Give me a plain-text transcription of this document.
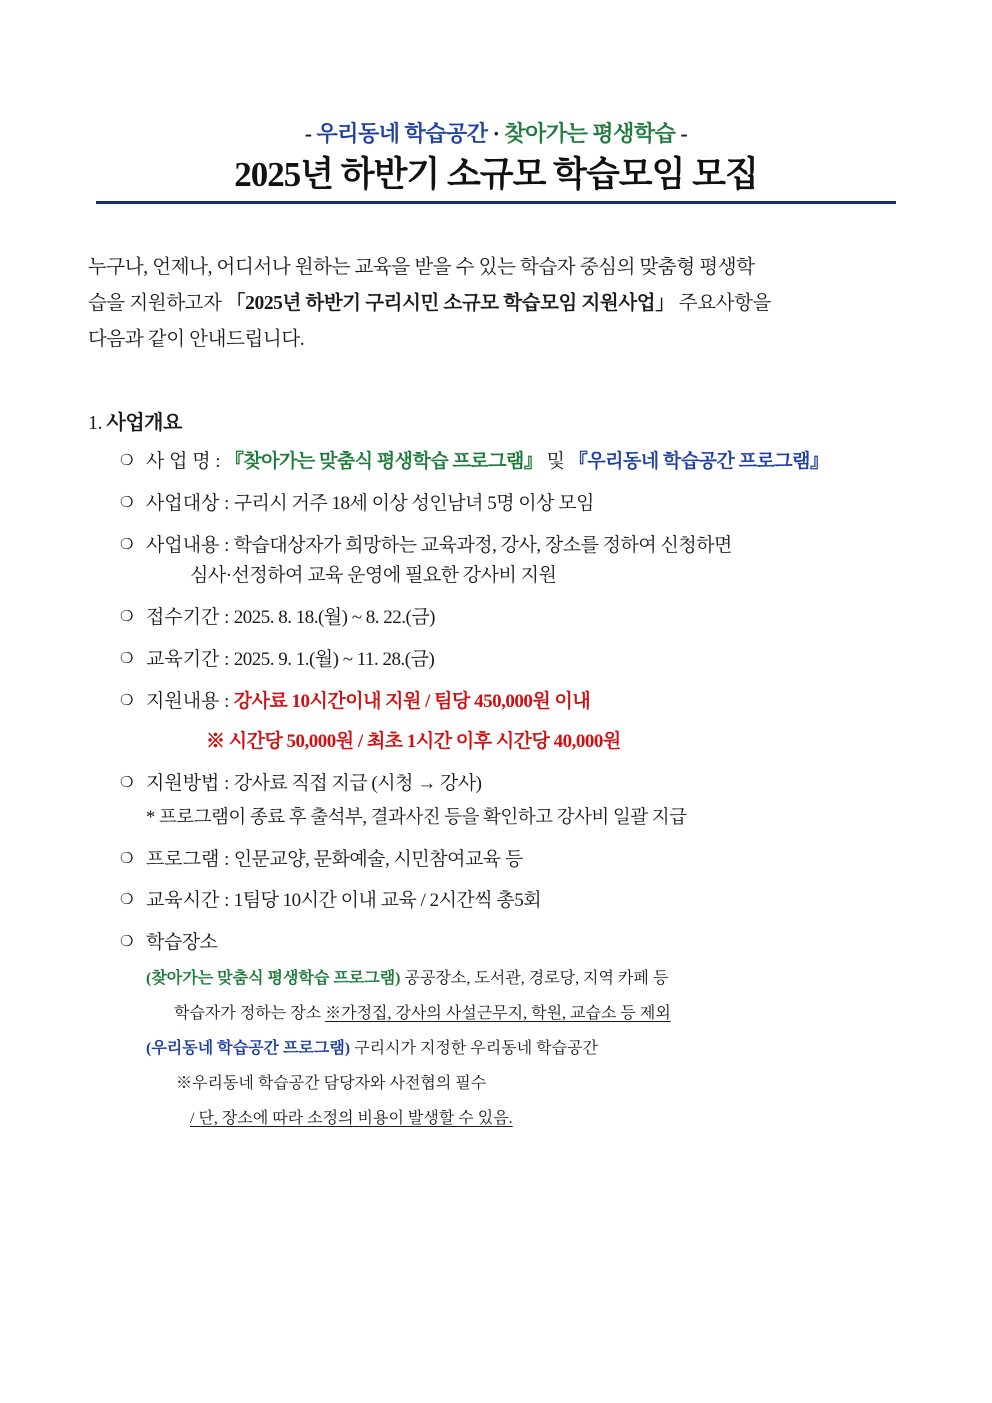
- 우리동네 학습공간 · 찾아가는 평생학습 -
2025년 하반기 소규모 학습모임 모집
누구나, 언제나, 어디서나 원하는 교육을 받을 수 있는 학습자 중심의 맞춤형 평생학
습을 지원하고자 「2025년 하반기 구리시민 소규모 학습모임 지원사업」 주요사항을
다음과 같이 안내드립니다.
1. 사업개요
❍ 사 업 명 : 『찾아가는 맞춤식 평생학습 프로그램』 및 『우리동네 학습공간 프로그램』
❍ 사업대상 : 구리시 거주 18세 이상 성인남녀 5명 이상 모임
❍ 사업내용 : 학습대상자가 희망하는 교육과정, 강사, 장소를 정하여 신청하면
심사·선정하여 교육 운영에 필요한 강사비 지원
❍ 접수기간 : 2025. 8. 18.(월) ~ 8. 22.(금)
❍ 교육기간 : 2025. 9. 1.(월) ~ 11. 28.(금)
❍ 지원내용 : 강사료 10시간이내 지원 / 팀당 450,000원 이내
※ 시간당 50,000원 / 최초 1시간 이후 시간당 40,000원
❍ 지원방법 : 강사료 직접 지급 (시청 → 강사)
* 프로그램이 종료 후 출석부, 결과사진 등을 확인하고 강사비 일괄 지급
❍ 프로그램 : 인문교양, 문화예술, 시민참여교육 등
❍ 교육시간 : 1팀당 10시간 이내 교육 / 2시간씩 총5회
❍ 학습장소
(찾아가는 맞춤식 평생학습 프로그램) 공공장소, 도서관, 경로당, 지역 카페 등
학습자가 정하는 장소 ※가정집, 강사의 사설근무지, 학원, 교습소 등 제외
(우리동네 학습공간 프로그램) 구리시가 지정한 우리동네 학습공간
※우리동네 학습공간 담당자와 사전협의 필수
/ 단, 장소에 따라 소정의 비용이 발생할 수 있음.
